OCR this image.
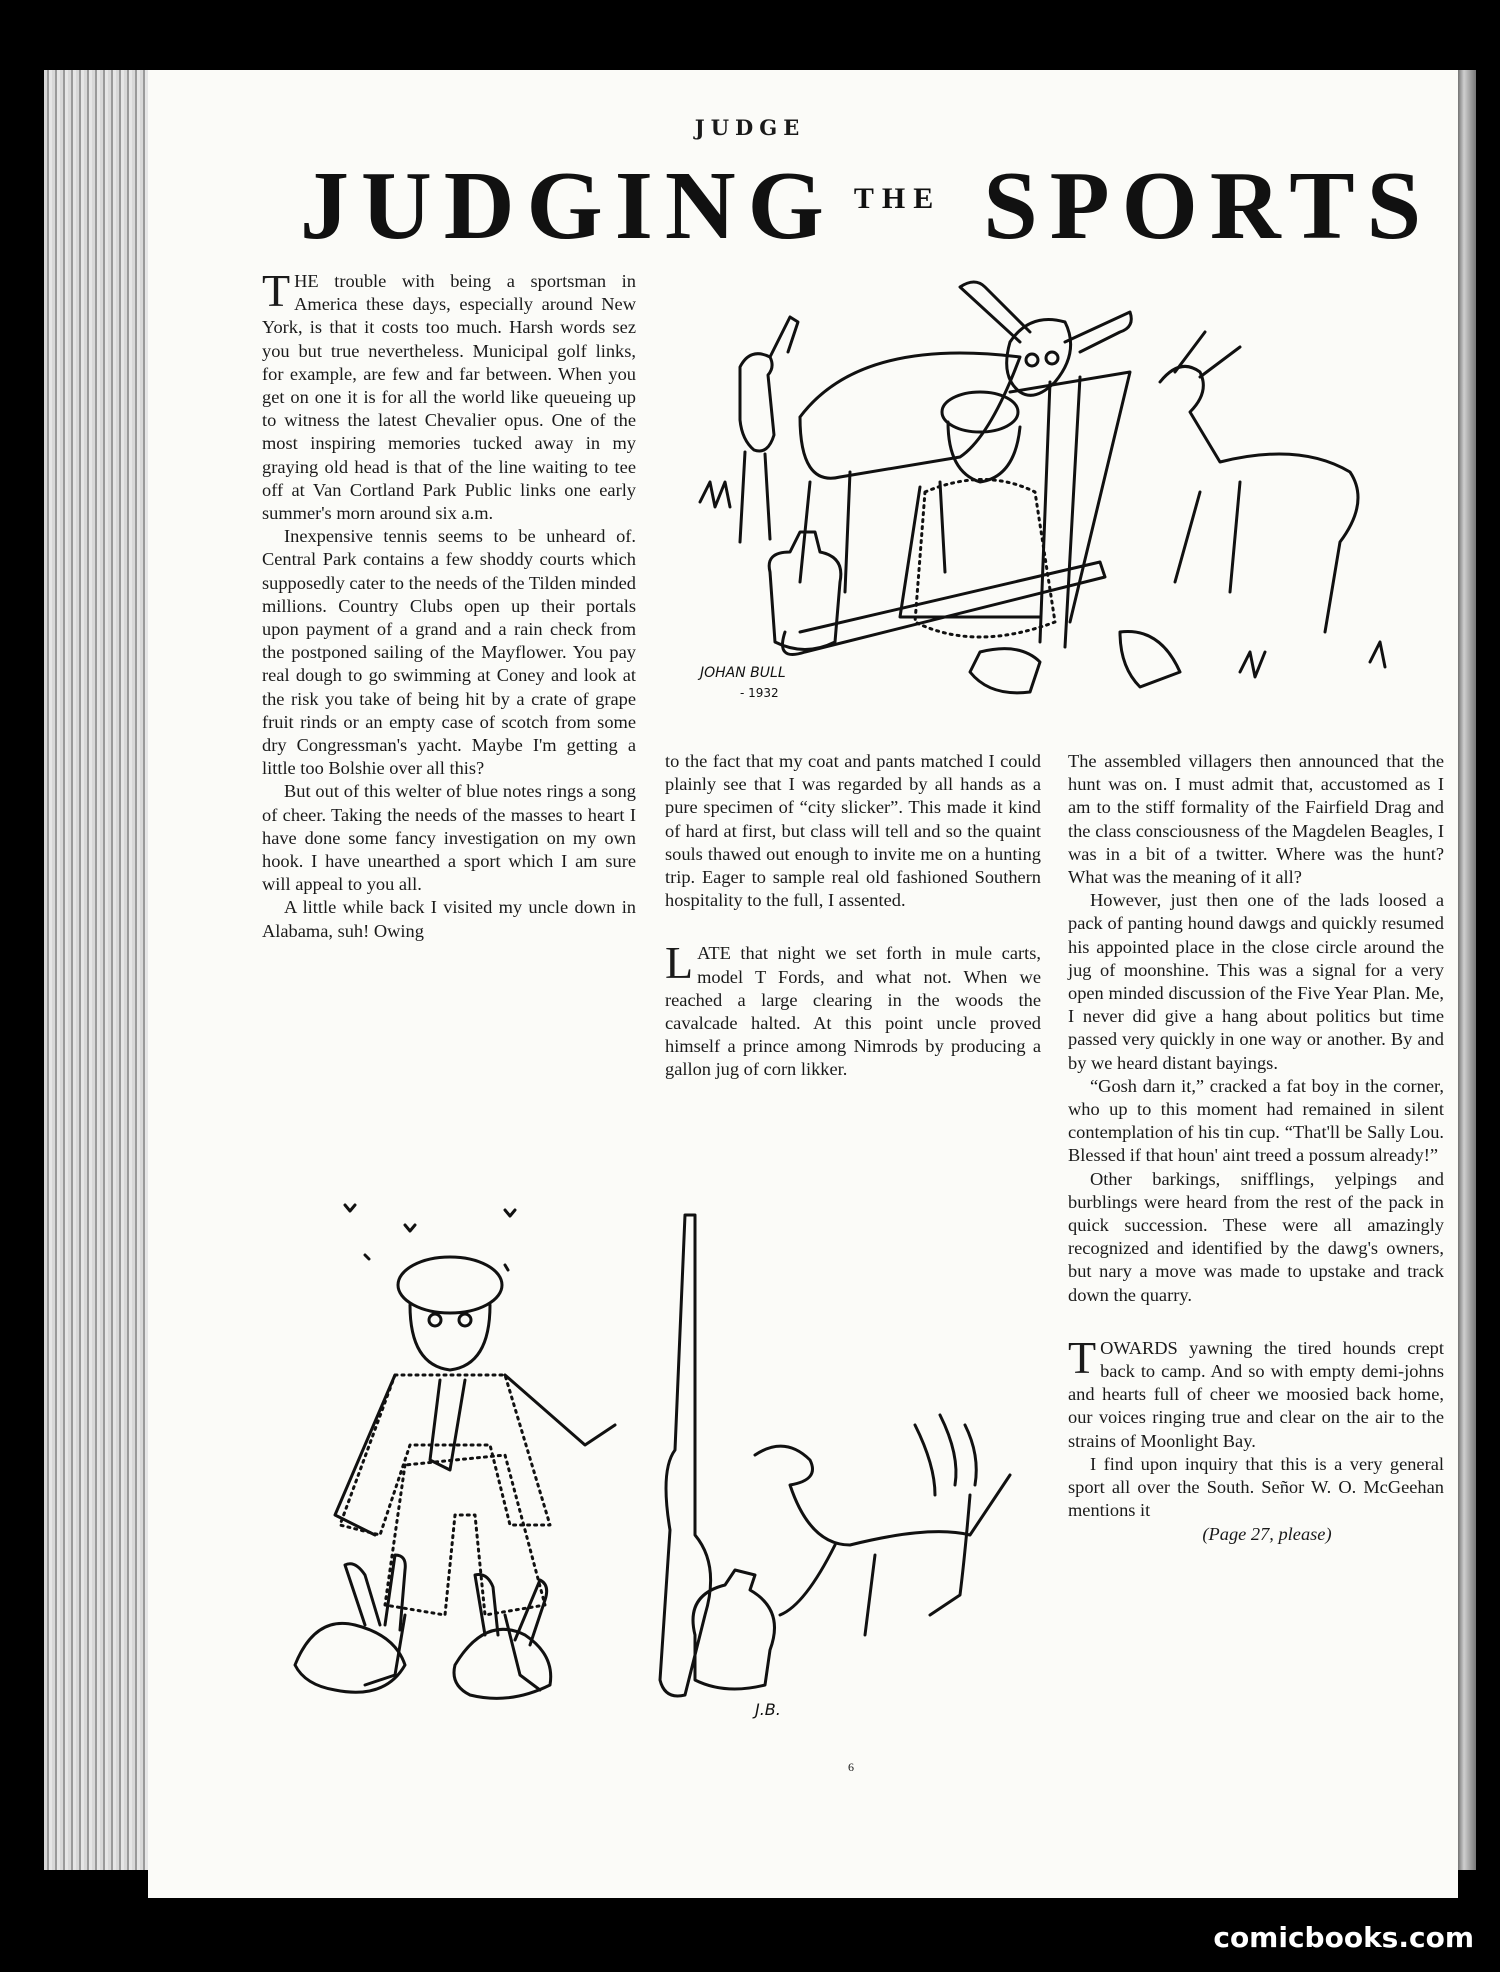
JUDGE
JUDGING THE SPORTS

THE trouble with being a sportsman in America these days, especially around New York, is that it costs too much. Harsh words sez you but true nevertheless. Municipal golf links, for example, are few and far between. When you get on one it is for all the world like queueing up to witness the latest Chevalier opus. One of the most inspiring memories tucked away in my graying old head is that of the line waiting to tee off at Van Cortland Park Public links one early summer's morn around six a.m.

Inexpensive tennis seems to be unheard of. Central Park contains a few shoddy courts which supposedly cater to the needs of the Tilden minded millions. Country Clubs open up their portals upon payment of a grand and a rain check from the postponed sailing of the Mayflower. You pay real dough to go swimming at Coney and look at the risk you take of being hit by a crate of grape fruit rinds or an empty case of scotch from some dry Congressman's yacht. Maybe I'm getting a little too Bolshie over all this?

But out of this welter of blue notes rings a song of cheer. Taking the needs of the masses to heart I have done some fancy investigation on my own hook. I have unearthed a sport which I am sure will appeal to you all.

A little while back I visited my uncle down in Alabama, suh! Owing

to the fact that my coat and pants matched I could plainly see that I was regarded by all hands as a pure specimen of “city slicker”. This made it kind of hard at first, but class will tell and so the quaint souls thawed out enough to invite me on a hunting trip. Eager to sample real old fashioned Southern hospitality to the full, I assented.

LATE that night we set forth in mule carts, model T Fords, and what not. When we reached a large clearing in the woods the cavalcade halted. At this point uncle proved himself a prince among Nimrods by producing a gallon jug of corn likker.

The assembled villagers then announced that the hunt was on. I must admit that, accustomed as I am to the stiff formality of the Fairfield Drag and the class consciousness of the Magdelen Beagles, I was in a bit of a twitter. Where was the hunt? What was the meaning of it all?

However, just then one of the lads loosed a pack of panting hound dawgs and quickly resumed his appointed place in the close circle around the jug of moonshine. This was a signal for a very open minded discussion of the Five Year Plan. Me, I never did give a hang about politics but time passed very quickly in one way or another. By and by we heard distant bayings.

“Gosh darn it,” cracked a fat boy in the corner, who up to this moment had remained in silent contemplation of his tin cup. “That'll be Sally Lou. Blessed if that houn' aint treed a possum already!”

Other barkings, snifflings, yelpings and burblings were heard from the rest of the pack in quick succession. These were all amazingly recognized and identified by the dawg's owners, but nary a move was made to upstake and track down the quarry.

TOWARDS yawning the tired hounds crept back to camp. And so with empty demi-johns and hearts full of cheer we moosied back home, our voices ringing true and clear on the air to the strains of Moonlight Bay.

I find upon inquiry that this is a very general sport all over the South. Señor W. O. McGeehan mentions it

(Page 27, please)

JOHAN BULL
- 1932
J.B.
6
comicbooks.com
